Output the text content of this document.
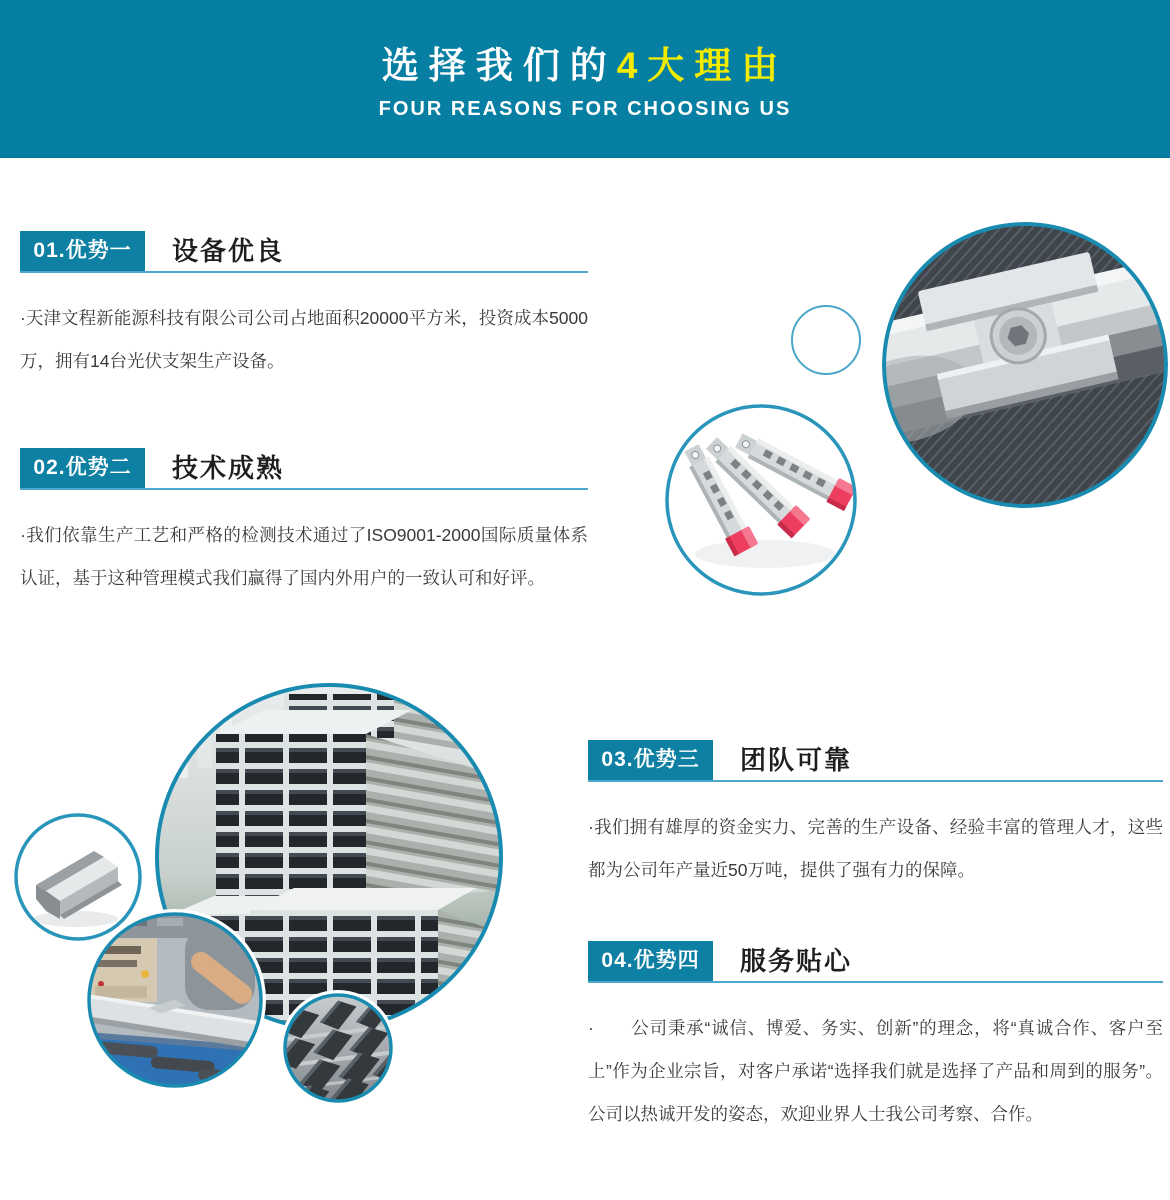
选择我们的4大理由
FOUR REASONS FOR CHOOSING US
01.优势一	设备优良

·天津文程新能源科技有限公司公司占地面积20000平方米，投资成本5000万，拥有14台光伏支架生产设备。

02.优势二	技术成熟

·我们依靠生产工艺和严格的检测技术通过了ISO9001-2000国际质量体系认证，基于这种管理模式我们赢得了国内外用户的一致认可和好评。

03.优势三	团队可靠

·我们拥有雄厚的资金实力、完善的生产设备、经验丰富的管理人才，这些都为公司年产量近50万吨，提供了强有力的保障。

04.优势四	服务贴心

·　　公司秉承“诚信、博爱、务实、创新”的理念，将“真诚合作、客户至上”作为企业宗旨，对客户承诺“选择我们就是选择了产品和周到的服务”。公司以热诚开发的姿态，欢迎业界人士我公司考察、合作。
